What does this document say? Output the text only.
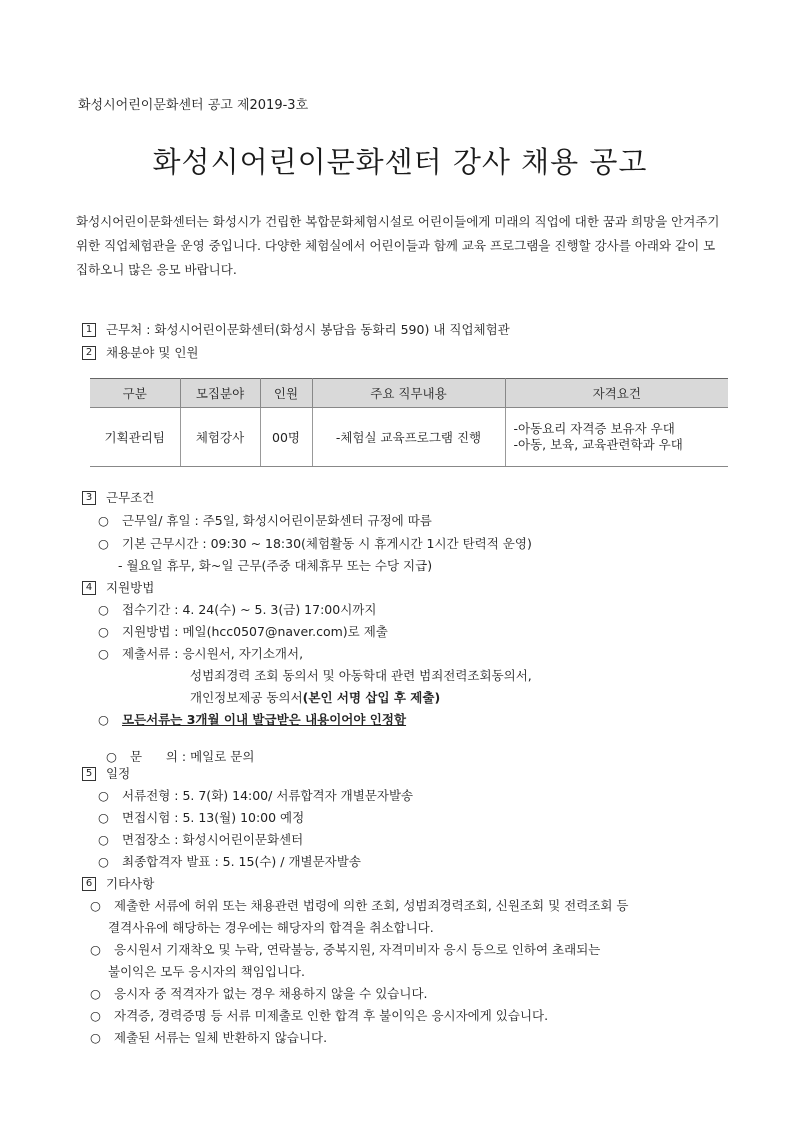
화성시어린이문화센터 공고 제2019-3호
화성시어린이문화센터 강사 채용 공고
화성시어린이문화센터는 화성시가 건립한 복합문화체험시설로 어린이들에게 미래의 직업에 대한 꿈과 희망을 안겨주기 위한 직업체험관을 운영 중입니다. 다양한 체험실에서 어린이들과 함께 교육 프로그램을 진행할 강사를 아래와 같이 모집하오니 많은 응모 바랍니다.
1 근무처 : 화성시어린이문화센터(화성시 봉담읍 동화리 590) 내 직업체험관
2 채용분야 및 인원
구분	모집분야	인원	주요 직무내용	자격요건
기획관리팀	체험강사	00명	-체험실 교육프로그램 진행	-아동요리 자격증 보유자 우대
-아동, 보육, 교육관련학과 우대
3 근무조건
○ 근무일/ 휴일 : 주5일, 화성시어린이문화센터 규정에 따름
○ 기본 근무시간 : 09:30 ~ 18:30(체험활동 시 휴게시간 1시간 탄력적 운영)
- 월요일 휴무, 화~일 근무(주중 대체휴무 또는 수당 지급)
4 지원방법
○ 접수기간 : 4. 24(수) ~ 5. 3(금) 17:00시까지
○ 지원방법 : 메일(hcc0507@naver.com)로 제출
○ 제출서류 : 응시원서, 자기소개서,
성범죄경력 조회 동의서 및 아동학대 관련 범죄전력조회동의서,
개인정보제공 동의서(본인 서명 삽입 후 제출)
○ 모든서류는 3개월 이내 발급받은 내용이어야 인정함

○ 문      의 : 메일로 문의

5 일정
○ 서류전형 : 5. 7(화) 14:00/ 서류합격자 개별문자발송
○ 면접시험 : 5. 13(월) 10:00 예정
○ 면접장소 : 화성시어린이문화센터
○ 최종합격자 발표 : 5. 15(수) / 개별문자발송
6 기타사항
○ 제출한 서류에 허위 또는 채용관련 법령에 의한 조회, 성범죄경력조회, 신원조회 및 전력조회 등
결격사유에 해당하는 경우에는 해당자의 합격을 취소합니다.
○ 응시원서 기재착오 및 누락, 연락불능, 중복지원, 자격미비자 응시 등으로 인하여 초래되는
불이익은 모두 응시자의 책임입니다.
○ 응시자 중 적격자가 없는 경우 채용하지 않을 수 있습니다.
○ 자격증, 경력증명 등 서류 미제출로 인한 합격 후 불이익은 응시자에게 있습니다.
○ 제출된 서류는 일체 반환하지 않습니다.
